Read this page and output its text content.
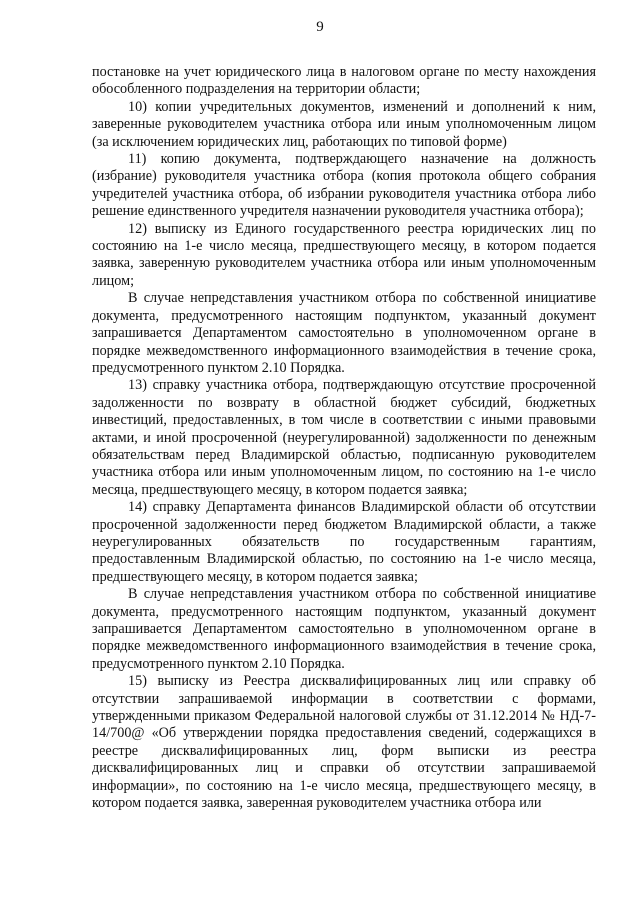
9

постановке на учет юридического лица в налоговом органе по месту нахождения обособленного подразделения на территории области;

10) копии учредительных документов, изменений и дополнений к ним, заверенные руководителем участника отбора или иным уполномоченным лицом (за исключением юридических лиц, работающих по типовой форме)

11) копию документа, подтверждающего назначение на должность (избрание) руководителя участника отбора (копия протокола общего собрания учредителей участника отбора, об избрании руководителя участника отбора либо решение единственного учредителя назначении руководителя участника отбора);

12) выписку из Единого государственного реестра юридических лиц по состоянию на 1-е число месяца, предшествующего месяцу, в котором подается заявка, заверенную руководителем участника отбора или иным уполномоченным лицом;

В случае непредставления участником отбора по собственной инициативе документа, предусмотренного настоящим подпунктом, указанный документ запрашивается Департаментом самостоятельно в уполномоченном органе в порядке межведомственного информационного взаимодействия в течение срока, предусмотренного пунктом 2.10 Порядка.

13) справку участника отбора, подтверждающую отсутствие просроченной задолженности по возврату в областной бюджет субсидий, бюджетных инвестиций, предоставленных, в том числе в соответствии с иными правовыми актами, и иной просроченной (неурегулированной) задолженности по денежным обязательствам перед Владимирской областью, подписанную руководителем участника отбора или иным уполномоченным лицом, по состоянию на 1-е число месяца, предшествующего месяцу, в котором подается заявка;

14) справку Департамента финансов Владимирской области об отсутствии просроченной задолженности перед бюджетом Владимирской области, а также неурегулированных обязательств по государственным гарантиям, предоставленным Владимирской областью, по состоянию на 1-е число месяца, предшествующего месяцу, в котором подается заявка;

В случае непредставления участником отбора по собственной инициативе документа, предусмотренного настоящим подпунктом, указанный документ запрашивается Департаментом самостоятельно в уполномоченном органе в порядке межведомственного информационного взаимодействия в течение срока, предусмотренного пунктом 2.10 Порядка.

15) выписку из Реестра дисквалифицированных лиц или справку об отсутствии запрашиваемой информации в соответствии с формами, утвержденными приказом Федеральной налоговой службы от 31.12.2014 № НД-7-14/700@ «Об утверждении порядка предоставления сведений, содержащихся в реестре дисквалифицированных лиц, форм выписки из реестра дисквалифицированных лиц и справки об отсутствии запрашиваемой информации», по состоянию на 1-е число месяца, предшествующего месяцу, в котором подается заявка, заверенная руководителем участника отбора или
